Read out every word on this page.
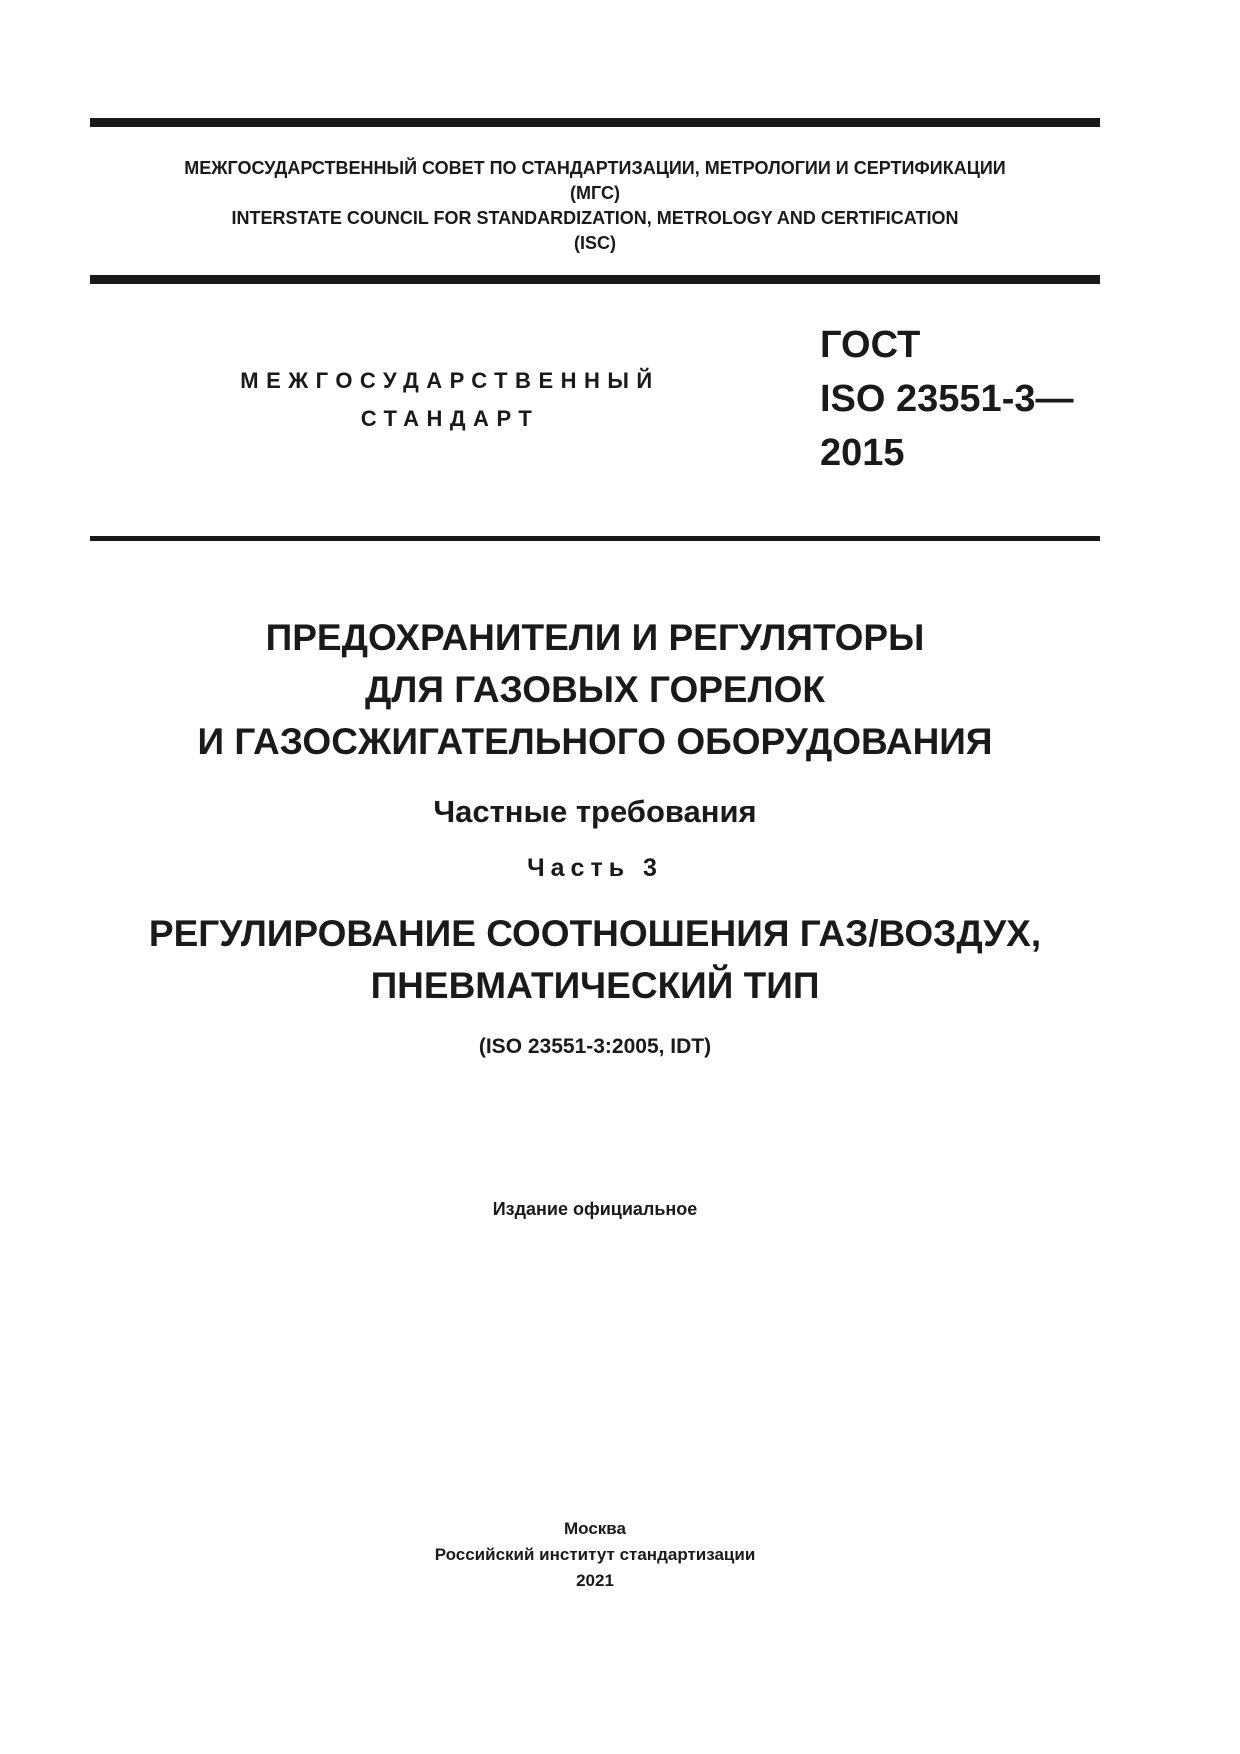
МЕЖГОСУДАРСТВЕННЫЙ СОВЕТ ПО СТАНДАРТИЗАЦИИ, МЕТРОЛОГИИ И СЕРТИФИКАЦИИ
(МГС)
INTERSTATE COUNCIL FOR STANDARDIZATION, METROLOGY AND CERTIFICATION
(ISC)
МЕЖГОСУДАРСТВЕННЫЙ
СТАНДАРТ
ГОСТ
ISO 23551-3—
2015
ПРЕДОХРАНИТЕЛИ И РЕГУЛЯТОРЫ
ДЛЯ ГАЗОВЫХ ГОРЕЛОК
И ГАЗОСЖИГАТЕЛЬНОГО ОБОРУДОВАНИЯ
Частные требования
Часть 3
РЕГУЛИРОВАНИЕ СООТНОШЕНИЯ ГАЗ/ВОЗДУХ,
ПНЕВМАТИЧЕСКИЙ ТИП
(ISO 23551-3:2005, IDT)
Издание официальное
Москва
Российский институт стандартизации
2021
